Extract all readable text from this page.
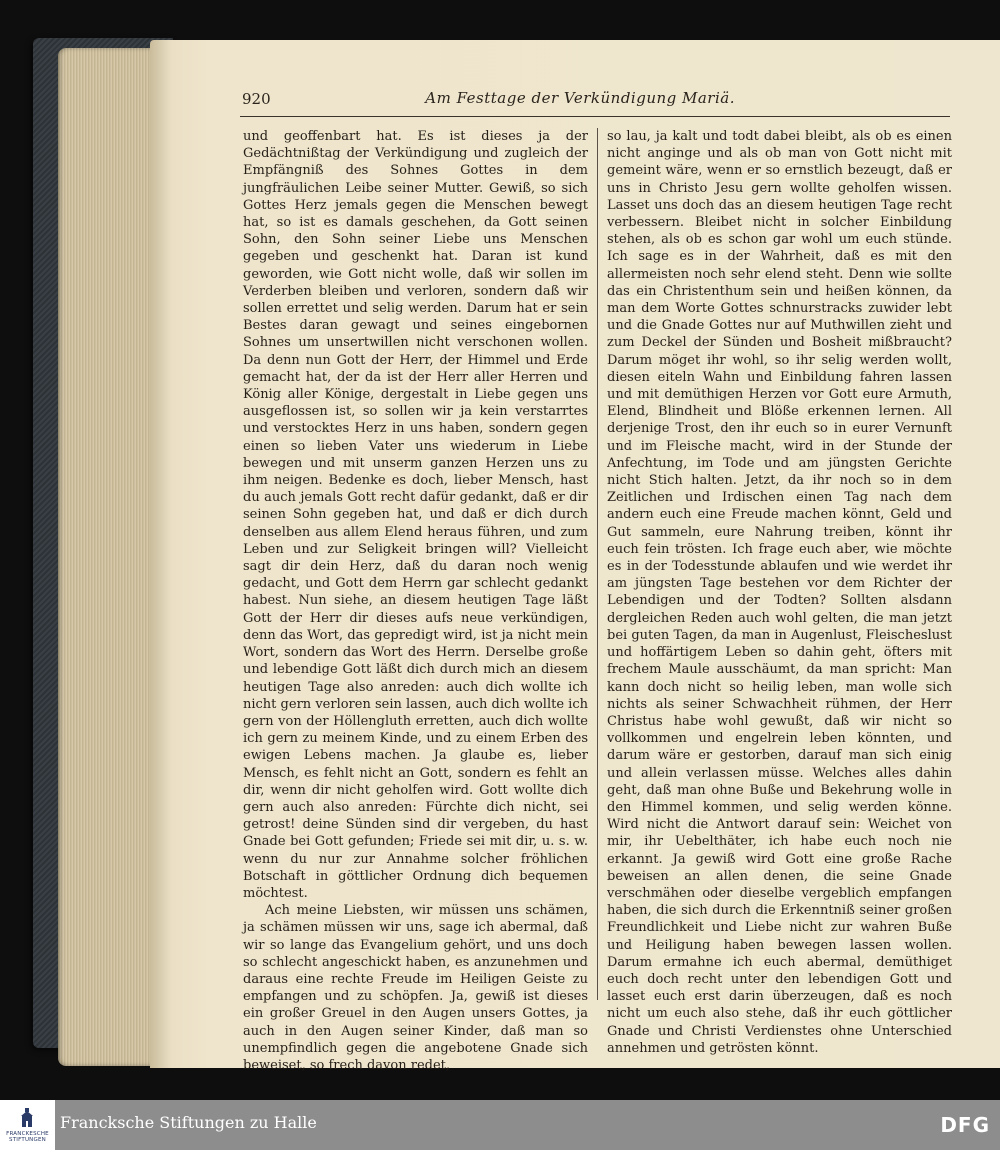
920	Am Festtage der Verkündigung Mariä.

und geoffenbart hat. Es ist dieses ja der Gedächtnißtag der Verkündigung und zugleich der Empfängniß des Sohnes Gottes in dem jungfräulichen Leibe seiner Mutter. Gewiß, so sich Gottes Herz jemals gegen die Menschen bewegt hat, so ist es damals geschehen, da Gott seinen Sohn, den Sohn seiner Liebe uns Menschen gegeben und geschenkt hat. Daran ist kund geworden, wie Gott nicht wolle, daß wir sollen im Verderben bleiben und verloren, sondern daß wir sollen errettet und selig werden. Darum hat er sein Bestes daran gewagt und seines eingebornen Sohnes um unsertwillen nicht verschonen wollen. Da denn nun Gott der Herr, der Himmel und Erde gemacht hat, der da ist der Herr aller Herren und König aller Könige, dergestalt in Liebe gegen uns ausgeflossen ist, so sollen wir ja kein verstarrtes und verstocktes Herz in uns haben, sondern gegen einen so lieben Vater uns wiederum in Liebe bewegen und mit unserm ganzen Herzen uns zu ihm neigen. Bedenke es doch, lieber Mensch, hast du auch jemals Gott recht dafür gedankt, daß er dir seinen Sohn gegeben hat, und daß er dich durch denselben aus allem Elend heraus führen, und zum Leben und zur Seligkeit bringen will? Vielleicht sagt dir dein Herz, daß du daran noch wenig gedacht, und Gott dem Herrn gar schlecht gedankt habest. Nun siehe, an diesem heutigen Tage läßt Gott der Herr dir dieses aufs neue verkündigen, denn das Wort, das gepredigt wird, ist ja nicht mein Wort, sondern das Wort des Herrn. Derselbe große und lebendige Gott läßt dich durch mich an diesem heutigen Tage also anreden: auch dich wollte ich nicht gern verloren sein lassen, auch dich wollte ich gern von der Höllengluth erretten, auch dich wollte ich gern zu meinem Kinde, und zu einem Erben des ewigen Lebens machen. Ja glaube es, lieber Mensch, es fehlt nicht an Gott, sondern es fehlt an dir, wenn dir nicht geholfen wird. Gott wollte dich gern auch also anreden: Fürchte dich nicht, sei getrost! deine Sünden sind dir vergeben, du hast Gnade bei Gott gefunden; Friede sei mit dir, u. s. w. wenn du nur zur Annahme solcher fröhlichen Botschaft in göttlicher Ordnung dich bequemen möchtest.

Ach meine Liebsten, wir müssen uns schämen, ja schämen müssen wir uns, sage ich abermal, daß wir so lange das Evangelium gehört, und uns doch so schlecht angeschickt haben, es anzunehmen und daraus eine rechte Freude im Heiligen Geiste zu empfangen und zu schöpfen. Ja, gewiß ist dieses ein großer Greuel in den Augen unsers Gottes, ja auch in den Augen seiner Kinder, daß man so unempfindlich gegen die angebotene Gnade sich beweiset, so frech davon redet,

so lau, ja kalt und todt dabei bleibt, als ob es einen nicht anginge und als ob man von Gott nicht mit gemeint wäre, wenn er so ernstlich bezeugt, daß er uns in Christo Jesu gern wollte geholfen wissen. Lasset uns doch das an diesem heutigen Tage recht verbessern. Bleibet nicht in solcher Einbildung stehen, als ob es schon gar wohl um euch stünde. Ich sage es in der Wahrheit, daß es mit den allermeisten noch sehr elend steht. Denn wie sollte das ein Christenthum sein und heißen können, da man dem Worte Gottes schnurstracks zuwider lebt und die Gnade Gottes nur auf Muthwillen zieht und zum Deckel der Sünden und Bosheit mißbraucht? Darum möget ihr wohl, so ihr selig werden wollt, diesen eiteln Wahn und Einbildung fahren lassen und mit demüthigen Herzen vor Gott eure Armuth, Elend, Blindheit und Blöße erkennen lernen. All derjenige Trost, den ihr euch so in eurer Vernunft und im Fleische macht, wird in der Stunde der Anfechtung, im Tode und am jüngsten Gerichte nicht Stich halten. Jetzt, da ihr noch so in dem Zeitlichen und Irdischen einen Tag nach dem andern euch eine Freude machen könnt, Geld und Gut sammeln, eure Nahrung treiben, könnt ihr euch fein trösten. Ich frage euch aber, wie möchte es in der Todesstunde ablaufen und wie werdet ihr am jüngsten Tage bestehen vor dem Richter der Lebendigen und der Todten? Sollten alsdann dergleichen Reden auch wohl gelten, die man jetzt bei guten Tagen, da man in Augenlust, Fleischeslust und hoffärtigem Leben so dahin geht, öfters mit frechem Maule ausschäumt, da man spricht: Man kann doch nicht so heilig leben, man wolle sich nichts als seiner Schwachheit rühmen, der Herr Christus habe wohl gewußt, daß wir nicht so vollkommen und engelrein leben könnten, und darum wäre er gestorben, darauf man sich einig und allein verlassen müsse. Welches alles dahin geht, daß man ohne Buße und Bekehrung wolle in den Himmel kommen, und selig werden könne. Wird nicht die Antwort darauf sein: Weichet von mir, ihr Uebelthäter, ich habe euch noch nie erkannt. Ja gewiß wird Gott eine große Rache beweisen an allen denen, die seine Gnade verschmähen oder dieselbe vergeblich empfangen haben, die sich durch die Erkenntniß seiner großen Freundlichkeit und Liebe nicht zur wahren Buße und Heiligung haben bewegen lassen wollen. Darum ermahne ich euch abermal, demüthiget euch doch recht unter den lebendigen Gott und lasset euch erst darin überzeugen, daß es noch nicht um euch also stehe, daß ihr euch göttlicher Gnade und Christi Verdienstes ohne Unterschied annehmen und getrösten könnt.

FRANCKESCHE
STIFTUNGEN
Francksche Stiftungen zu Halle	DFG
